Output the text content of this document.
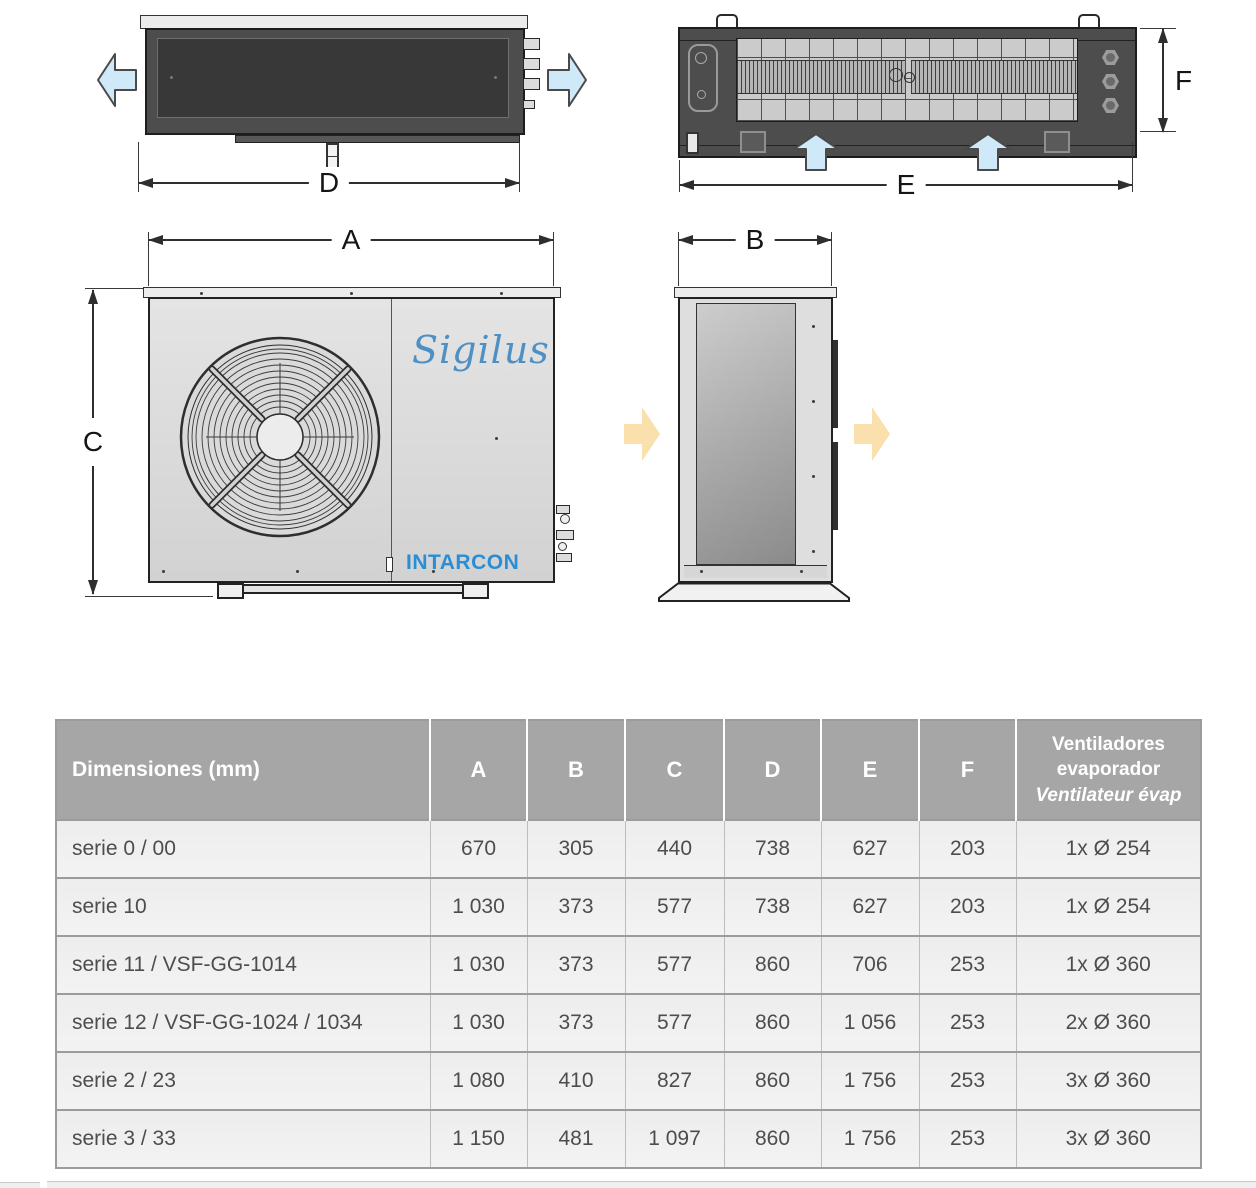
D
F
E
A
C
Sigilus
INTARCON
B
Dimensiones (mm)	A	B	C	D	E	F	Ventiladores
evaporador
Ventilateur évap

serie 0 / 00	670	305	440	738	627	203	1x Ø 254
serie 10	1 030	373	577	738	627	203	1x Ø 254
serie 11 / VSF-GG-1014	1 030	373	577	860	706	253	1x Ø 360
serie 12 / VSF-GG-1024 / 1034	1 030	373	577	860	1 056	253	2x Ø 360
serie 2 / 23	1 080	410	827	860	1 756	253	3x Ø 360
serie 3 / 33	1 150	481	1 097	860	1 756	253	3x Ø 360
